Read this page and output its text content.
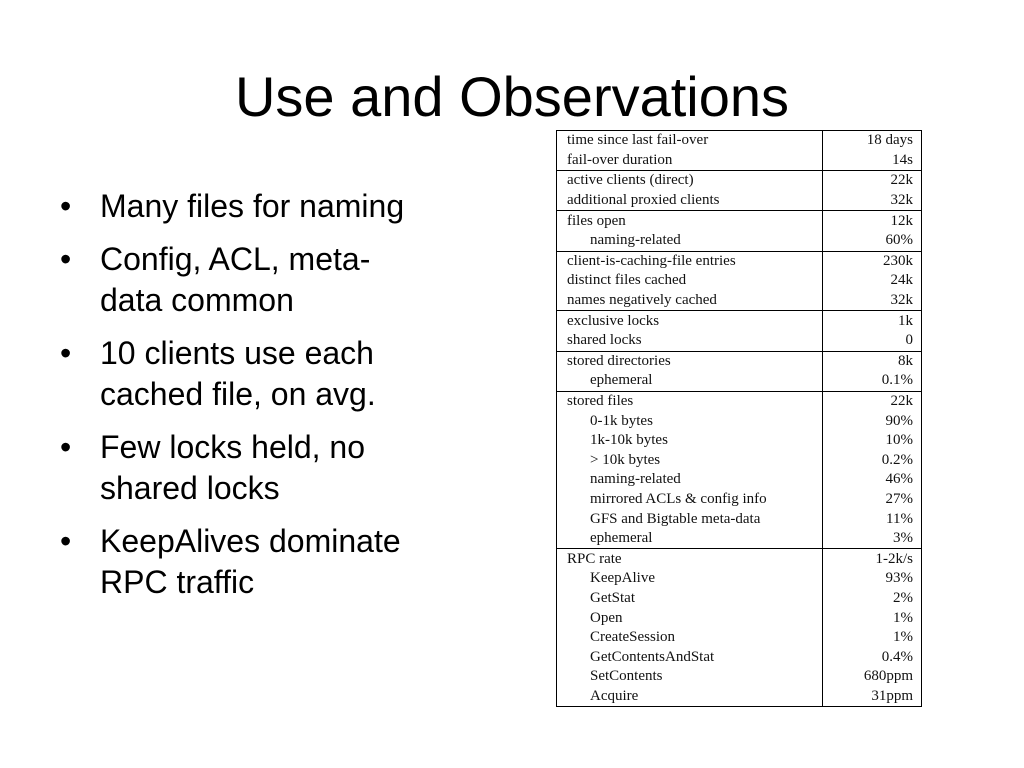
Use and Observations
• Many files for naming
• Config, ACL, meta-
data common
• 10 clients use each
cached file, on avg.
• Few locks held, no
shared locks
• KeepAlives dominate
RPC traffic
time since last fail-over	18 days
fail-over duration	14s
active clients (direct)	22k
additional proxied clients	32k
files open	12k
naming-related	60%
client-is-caching-file entries	230k
distinct files cached	24k
names negatively cached	32k
exclusive locks	1k
shared locks	0
stored directories	8k
ephemeral	0.1%
stored files	22k
0-1k bytes	90%
1k-10k bytes	10%
> 10k bytes	0.2%
naming-related	46%
mirrored ACLs & config info	27%
GFS and Bigtable meta-data	11%
ephemeral	3%
RPC rate	1-2k/s
KeepAlive	93%
GetStat	2%
Open	1%
CreateSession	1%
GetContentsAndStat	0.4%
SetContents	680ppm
Acquire	31ppm
